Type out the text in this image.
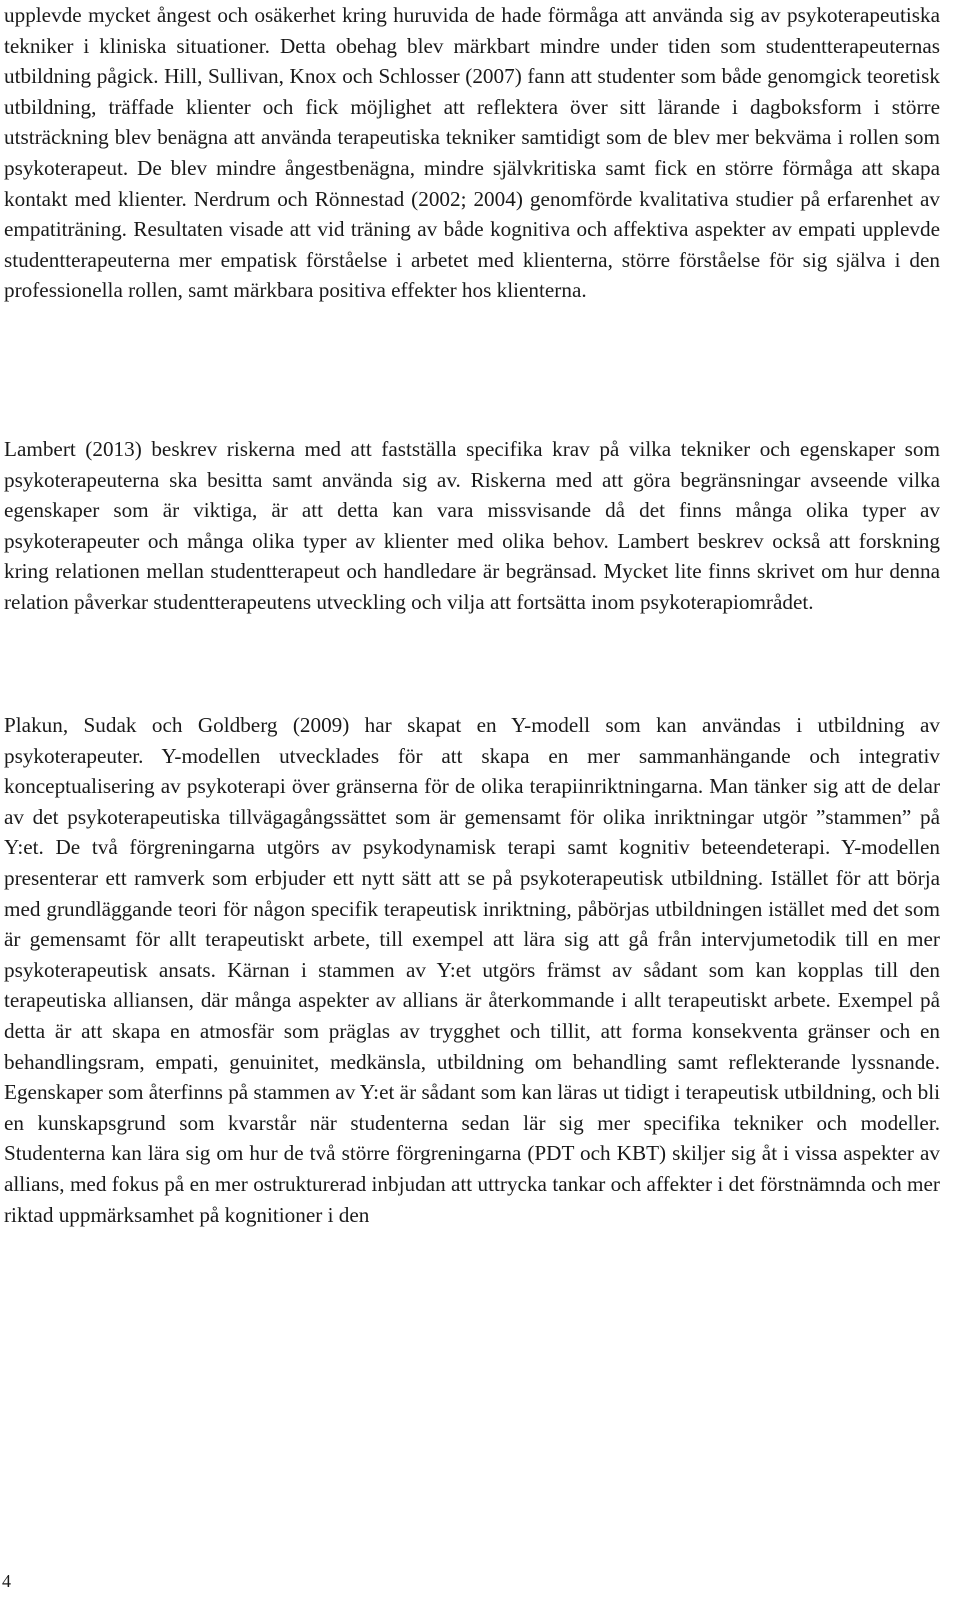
upplevde mycket ångest och osäkerhet kring huruvida de hade förmåga att använda sig av psykoterapeutiska tekniker i kliniska situationer. Detta obehag blev märkbart mindre under tiden som studentterapeuternas utbildning pågick. Hill, Sullivan, Knox och Schlosser (2007) fann att studenter som både genomgick teoretisk utbildning, träffade klienter och fick möjlighet att reflektera över sitt lärande i dagboksform i större utsträckning blev benägna att använda terapeutiska tekniker samtidigt som de blev mer bekväma i rollen som psykoterapeut. De blev mindre ångestbenägna, mindre självkritiska samt fick en större förmåga att skapa kontakt med klienter. Nerdrum och Rönnestad (2002; 2004) genomförde kvalitativa studier på erfarenhet av empatiträning. Resultaten visade att vid träning av både kognitiva och affektiva aspekter av empati upplevde studentterapeuterna mer empatisk förståelse i arbetet med klienterna, större förståelse för sig själva i den professionella rollen, samt märkbara positiva effekter hos klienterna.

Lambert (2013) beskrev riskerna med att fastställa specifika krav på vilka tekniker och egenskaper som psykoterapeuterna ska besitta samt använda sig av. Riskerna med att göra begränsningar avseende vilka egenskaper som är viktiga, är att detta kan vara missvisande då det finns många olika typer av psykoterapeuter och många olika typer av klienter med olika behov. Lambert beskrev också att forskning kring relationen mellan studentterapeut och handledare är begränsad. Mycket lite finns skrivet om hur denna relation påverkar studentterapeutens utveckling och vilja att fortsätta inom psykoterapiområdet.

Plakun, Sudak och Goldberg (2009) har skapat en Y-modell som kan användas i utbildning av psykoterapeuter. Y-modellen utvecklades för att skapa en mer sammanhängande och integrativ konceptualisering av psykoterapi över gränserna för de olika terapiinriktningarna. Man tänker sig att de delar av det psykoterapeutiska tillvägagångssättet som är gemensamt för olika inriktningar utgör ”stammen” på Y:et. De två förgreningarna utgörs av psykodynamisk terapi samt kognitiv beteendeterapi. Y-modellen presenterar ett ramverk som erbjuder ett nytt sätt att se på psykoterapeutisk utbildning. Istället för att börja med grundläggande teori för någon specifik terapeutisk inriktning, påbörjas utbildningen istället med det som är gemensamt för allt terapeutiskt arbete, till exempel att lära sig att gå från intervjumetodik till en mer psykoterapeutisk ansats. Kärnan i stammen av Y:et utgörs främst av sådant som kan kopplas till den terapeutiska alliansen, där många aspekter av allians är återkommande i allt terapeutiskt arbete. Exempel på detta är att skapa en atmosfär som präglas av trygghet och tillit, att forma konsekventa gränser och en behandlingsram, empati, genuinitet, medkänsla, utbildning om behandling samt reflekterande lyssnande. Egenskaper som återfinns på stammen av Y:et är sådant som kan läras ut tidigt i terapeutisk utbildning, och bli en kunskapsgrund som kvarstår när studenterna sedan lär sig mer specifika tekniker och modeller. Studenterna kan lära sig om hur de två större förgreningarna (PDT och KBT) skiljer sig åt i vissa aspekter av allians, med fokus på en mer ostrukturerad inbjudan att uttrycka tankar och affekter i det förstnämnda och mer riktad uppmärksamhet på kognitioner i den

4
